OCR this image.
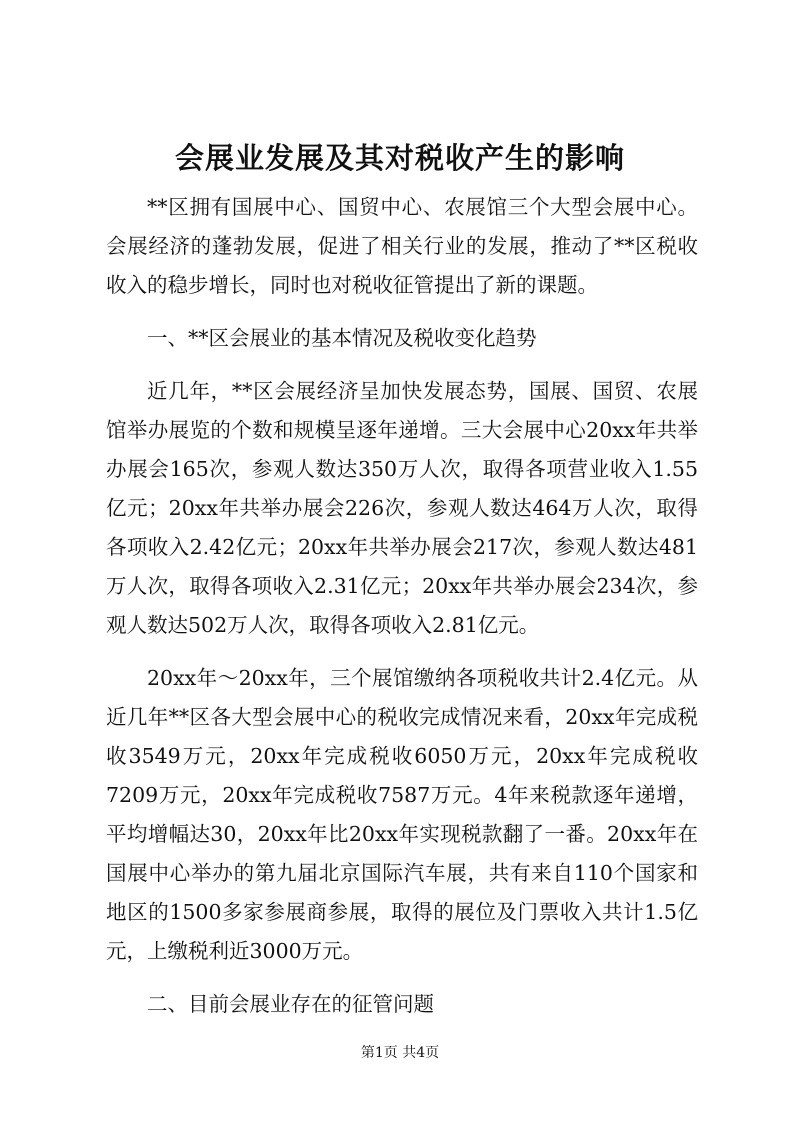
会展业发展及其对税收产生的影响

**区拥有国展中心、国贸中心、农展馆三个大型会展中心。会展经济的蓬勃发展，促进了相关行业的发展，推动了**区税收收入的稳步增长，同时也对税收征管提出了新的课题。

一、**区会展业的基本情况及税收变化趋势

近几年，**区会展经济呈加快发展态势，国展、国贸、农展馆举办展览的个数和规模呈逐年递增。三大会展中心20xx年共举办展会165次，参观人数达350万人次，取得各项营业收入1.55亿元；20xx年共举办展会226次，参观人数达464万人次，取得各项收入2.42亿元；20xx年共举办展会217次，参观人数达481万人次，取得各项收入2.31亿元；20xx年共举办展会234次，参观人数达502万人次，取得各项收入2.81亿元。

20xx年～20xx年，三个展馆缴纳各项税收共计2.4亿元。从近几年**区各大型会展中心的税收完成情况来看，20xx年完成税收3549万元，20xx年完成税收6050万元，20xx年完成税收7209万元，20xx年完成税收7587万元。4年来税款逐年递增，平均增幅达30，20xx年比20xx年实现税款翻了一番。20xx年在国展中心举办的第九届北京国际汽车展，共有来自110个国家和地区的1500多家参展商参展，取得的展位及门票收入共计1.5亿元，上缴税利近3000万元。

二、目前会展业存在的征管问题

第1页 共4页
